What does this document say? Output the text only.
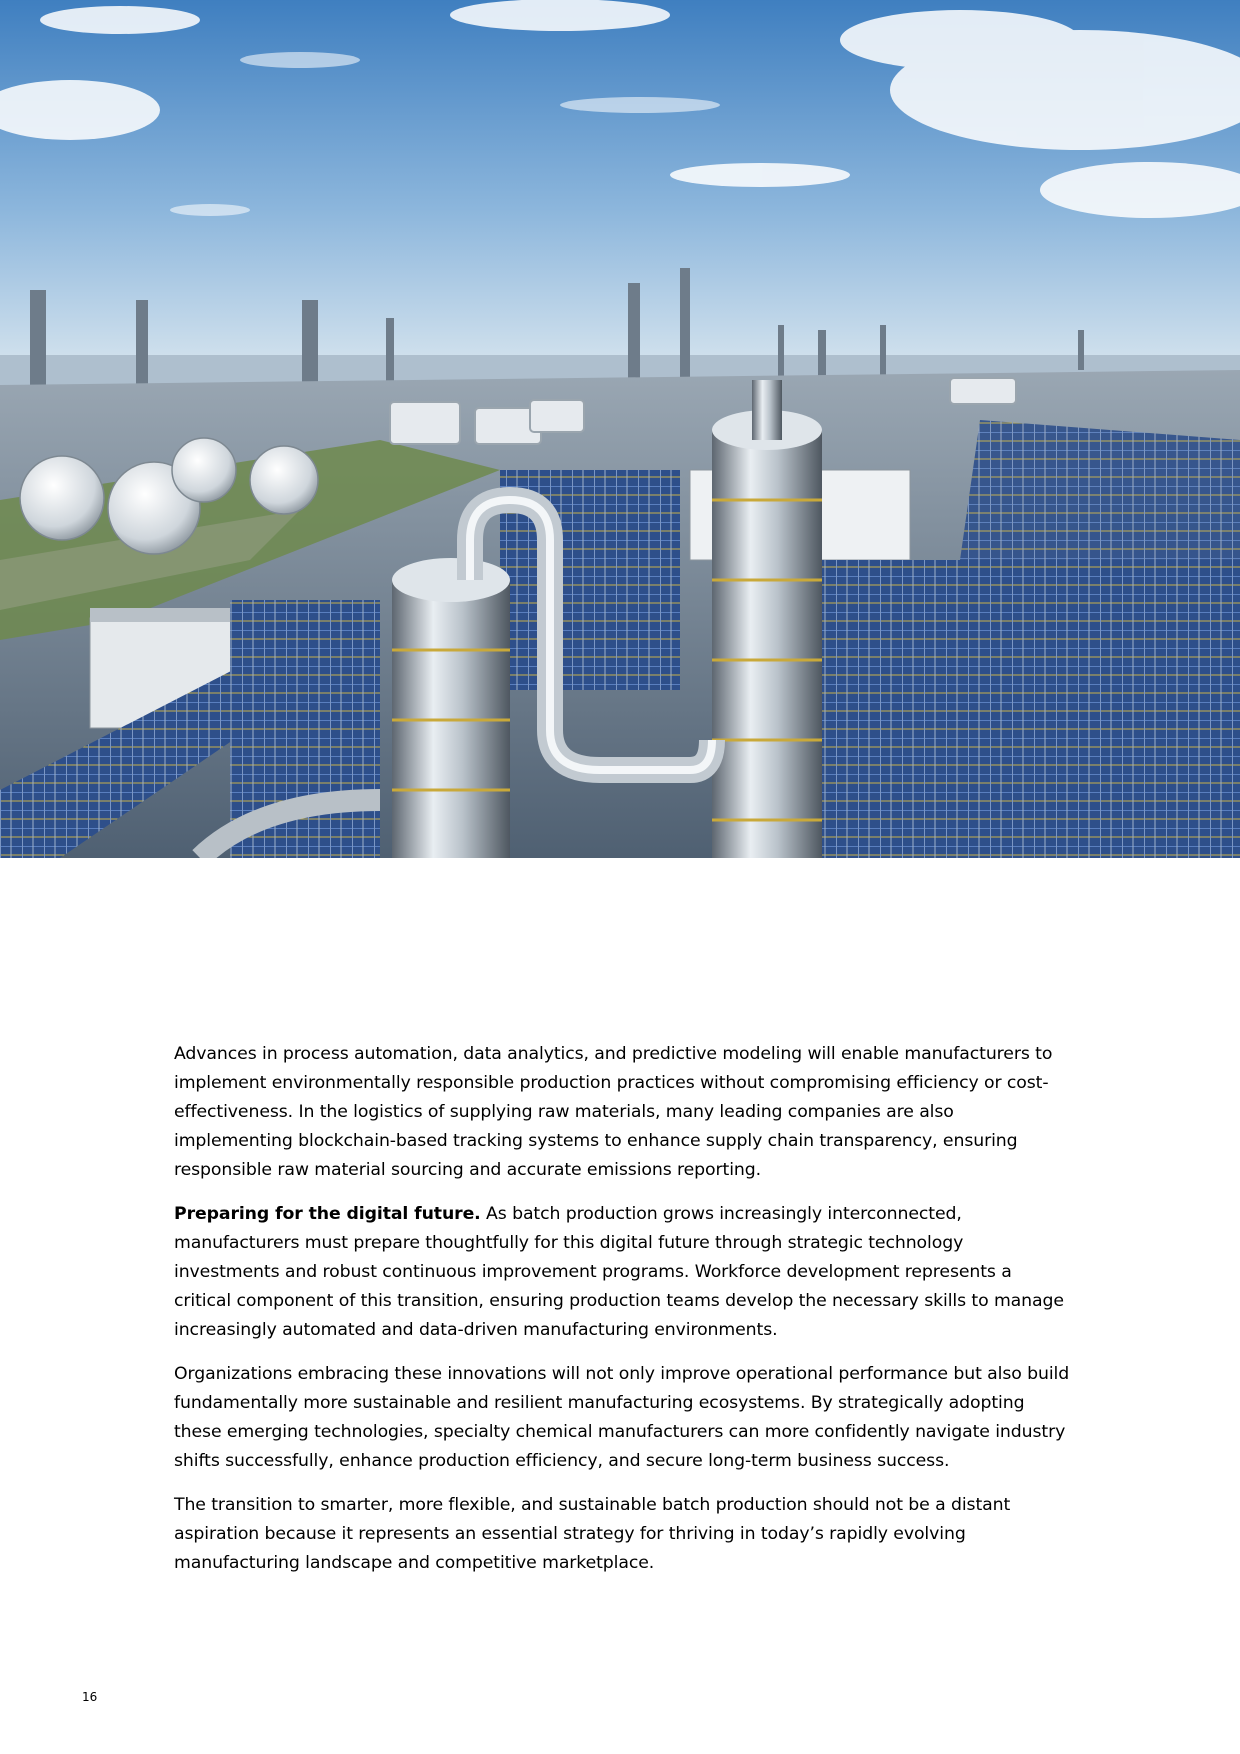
Advances in process automation, data analytics, and predictive modeling will enable manufacturers to implement environmentally responsible production practices without compromising efficiency or cost-effectiveness. In the logistics of supplying raw materials, many leading companies are also implementing blockchain-based tracking systems to enhance supply chain transparency, ensuring responsible raw material sourcing and accurate emissions reporting.

Preparing for the digital future. As batch production grows increasingly interconnected, manufacturers must prepare thoughtfully for this digital future through strategic technology investments and robust continuous improvement programs. Workforce development represents a critical component of this transition, ensuring production teams develop the necessary skills to manage increasingly automated and data-driven manufacturing environments.

Organizations embracing these innovations will not only improve operational performance but also build fundamentally more sustainable and resilient manufacturing ecosystems. By strategically adopting these emerging technologies, specialty chemical manufacturers can more confidently navigate industry shifts successfully, enhance production efficiency, and secure long-term business success.

The transition to smarter, more flexible, and sustainable batch production should not be a distant aspiration because it represents an essential strategy for thriving in today’s rapidly evolving manufacturing landscape and competitive marketplace.

16
